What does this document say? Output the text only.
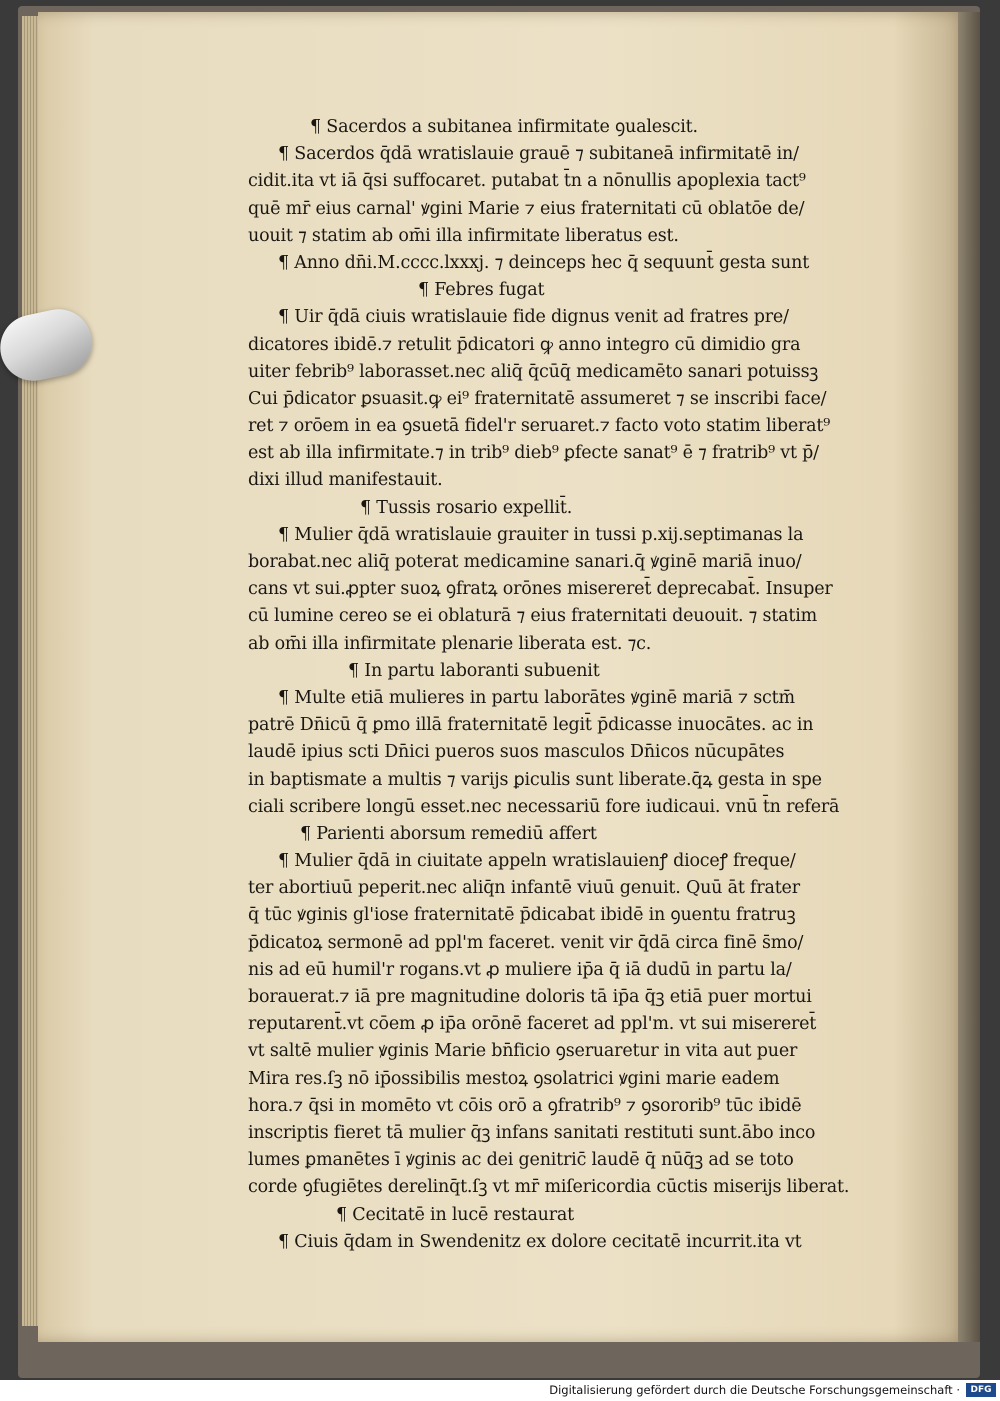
¶ Sacerdos a subitanea infirmitate ꝯualescit.
¶ Sacerdos q̄dā wratislauie grauē ⁊ subitaneā infirmitatē in/
cidit.ita vt iā q̄si suffocaret. putabat t̄n a nōnullis apoplexia tact⁹
quē mr̄ eius carnal' ꝟgini Marie ⁊ eius fraternitati cū oblatōe de/
uouit ⁊ statim ab om̄i illa infirmitate liberatus est.
¶ Anno dn̄i.M.cccc.lxxxj. ⁊ deinceps hec q̄ sequunt̄ gesta sunt
¶ Febres fugat
¶ Uir q̄dā ciuis wratislauie fide dignus venit ad fratres pre/
dicatores ibidē.⁊ retulit p̄dicatori ꝙ anno integro cū dimidio gra
uiter febrib⁹ laborasset.nec aliq̄ q̄cūq̄ medicamēto sanari potuissꝫ
Cui p̄dicator ꝑsuasit.ꝙ ei⁹ fraternitatē assumeret ⁊ se inscribi face/
ret ⁊ orōem in ea ꝯsuetā fidel'r seruaret.⁊ facto voto statim liberat⁹
est ab illa infirmitate.⁊ in trib⁹ dieb⁹ ꝑfecte sanat⁹ ē ⁊ fratrib⁹ vt p̄/
dixi illud manifestauit.
¶ Tussis rosario expellit̄.
¶ Mulier q̄dā wratislauie grauiter in tussi p.xij.septimanas la
borabat.nec aliq̄ poterat medicamine sanari.q̄ ꝟginē mariā inuo/
cans vt sui.ꝓpter suoꝝ ꝯfratꝝ orōnes misereret̄ deprecabat̄. Insuper
cū lumine cereo se ei oblaturā ⁊ eius fraternitati deuouit. ⁊ statim
ab om̄i illa infirmitate plenarie liberata est. ⁊c.
¶ In partu laboranti subuenit
¶ Multe etiā mulieres in partu laborātes ꝟginē mariā ⁊ sctm̄
patrē Dn̄icū q̄ ꝑmo illā fraternitatē legit̄ p̄dicasse inuocātes. ac in
laudē ipius scti Dn̄ici pueros suos masculos Dn̄icos nūcupātes
in baptismate a multis ⁊ varijs ꝑiculis sunt liberate.q̄ꝝ gesta in spe
ciali scribere longū esset.nec necessariū fore iudicaui. vnū t̄n referā
¶ Parienti aborsum remediū affert
¶ Mulier q̄dā in ciuitate appeln wratislauienꝭ dioceꝭ freque/
ter abortiuū peperit.nec aliq̄n infantē viuū genuit. Quū āt frater
q̄ tūc ꝟginis gl'iose fraternitatē p̄dicabat ibidē in ꝯuentu fratruꝫ
p̄dicatoꝝ sermonē ad ppl'm faceret. venit vir q̄dā circa finē s̄mo/
nis ad eū humil'r rogans.vt ꝓ muliere ip̄a q̄ iā dudū in partu la/
borauerat.⁊ iā pre magnitudine doloris tā ip̄a q̄ꝫ etiā puer mortui
reputarent̄.vt cōem ꝓ ip̄a orōnē faceret ad ppl'm. vt sui misereret̄
vt saltē mulier ꝟginis Marie bn̄ficio ꝯseruaretur in vita aut puer
Mira res.ſꝫ nō ip̄ossibilis mestoꝝ ꝯsolatrici ꝟgini marie eadem
hora.⁊ q̄si in momēto vt cōis orō a ꝯfratrib⁹ ⁊ ꝯsororib⁹ tūc ibidē
inscriptis fieret tā mulier q̄ꝫ infans sanitati restituti sunt.ābo inco
lumes ꝑmanētes ī ꝟginis ac dei genitric̄ laudē q̄ nūq̄ꝫ ad se toto
corde ꝯfugiētes derelinq̄t.ſꝫ vt mr̄ miſericordia cūctis miserijs liberat.
¶ Cecitatē in lucē restaurat
¶ Ciuis q̄dam in Swendenitz ex dolore cecitatē incurrit.ita vt
Digitalisierung gefördert durch die Deutsche Forschungsgemeinschaft ·	DFG
